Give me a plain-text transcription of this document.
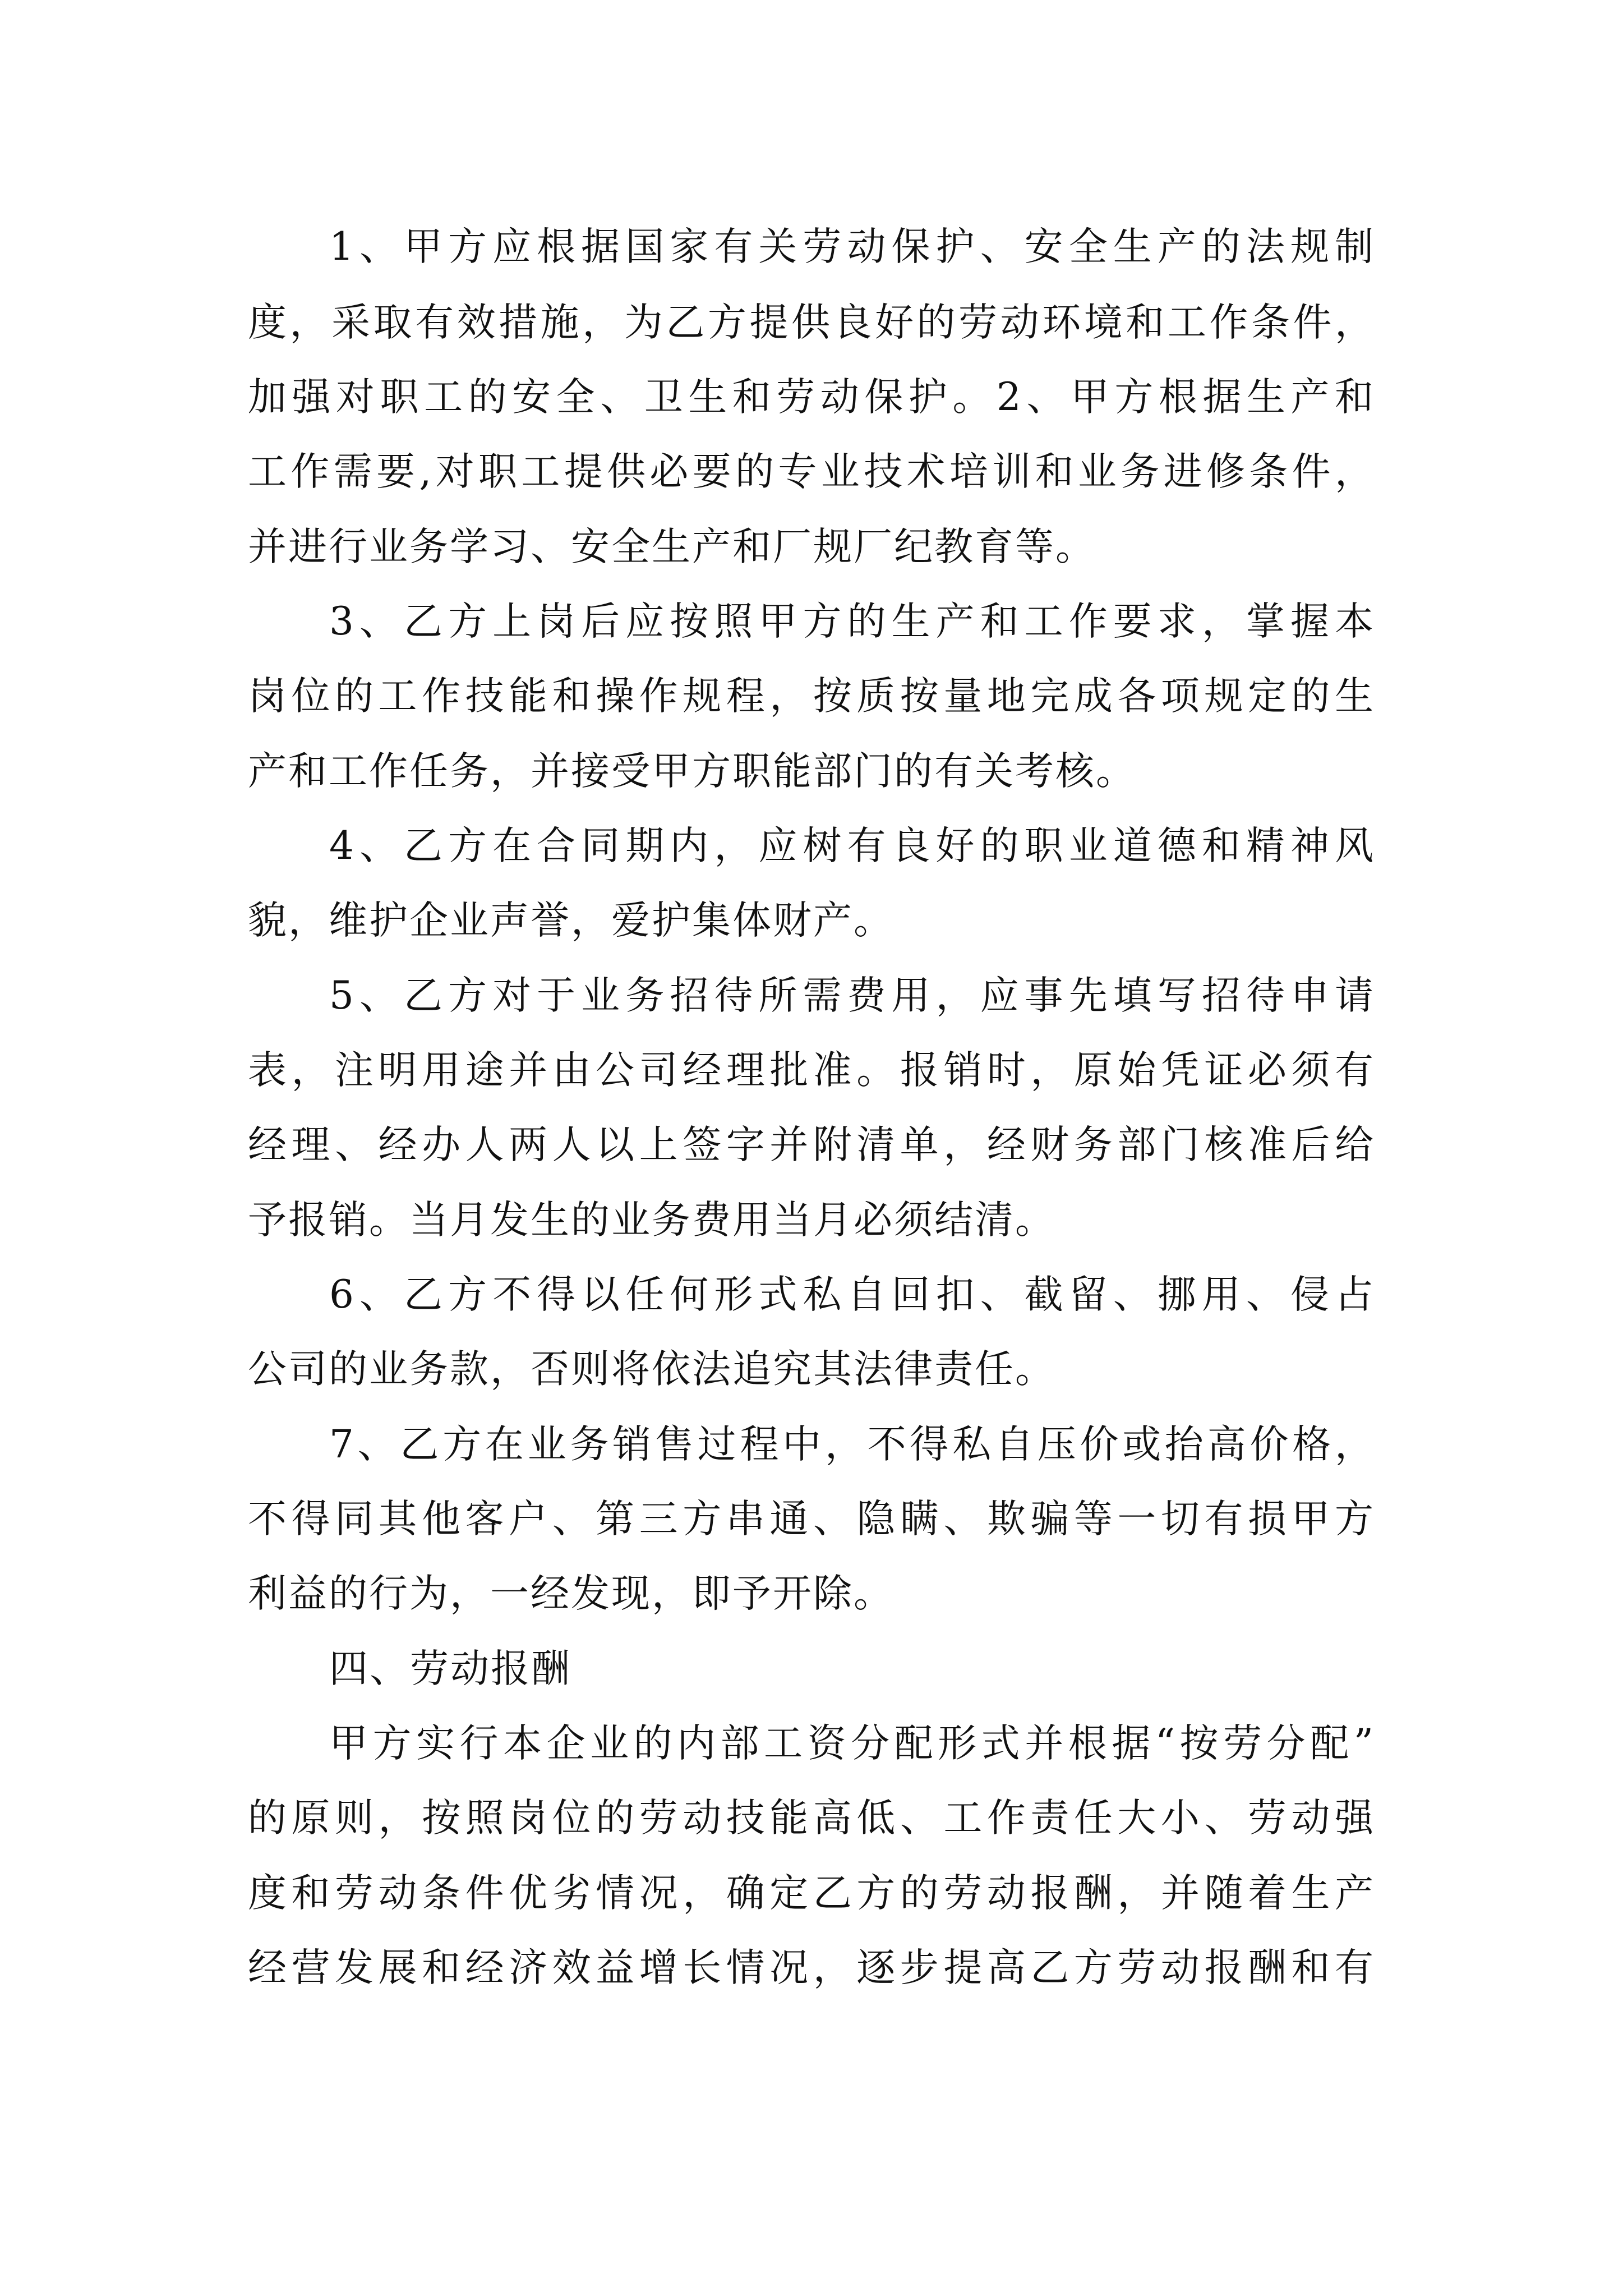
1、甲方应根据国家有关劳动保护、安全生产的法规制
度，采取有效措施，为乙方提供良好的劳动环境和工作条件，
加强对职工的安全、卫生和劳动保护。2、甲方根据生产和
工作需要,对职工提供必要的专业技术培训和业务进修条件，
并进行业务学习、安全生产和厂规厂纪教育等。
3、乙方上岗后应按照甲方的生产和工作要求，掌握本
岗位的工作技能和操作规程，按质按量地完成各项规定的生
产和工作任务，并接受甲方职能部门的有关考核。
4、乙方在合同期内，应树有良好的职业道德和精神风
貌，维护企业声誉，爱护集体财产。
5、乙方对于业务招待所需费用，应事先填写招待申请
表，注明用途并由公司经理批准。报销时，原始凭证必须有
经理、经办人两人以上签字并附清单，经财务部门核准后给
予报销。当月发生的业务费用当月必须结清。
6、乙方不得以任何形式私自回扣、截留、挪用、侵占
公司的业务款，否则将依法追究其法律责任。
7、乙方在业务销售过程中，不得私自压价或抬高价格，
不得同其他客户、第三方串通、隐瞒、欺骗等一切有损甲方
利益的行为，一经发现，即予开除。
四、劳动报酬
甲方实行本企业的内部工资分配形式并根据“按劳分配”
的原则，按照岗位的劳动技能高低、工作责任大小、劳动强
度和劳动条件优劣情况，确定乙方的劳动报酬，并随着生产
经营发展和经济效益增长情况，逐步提高乙方劳动报酬和有
